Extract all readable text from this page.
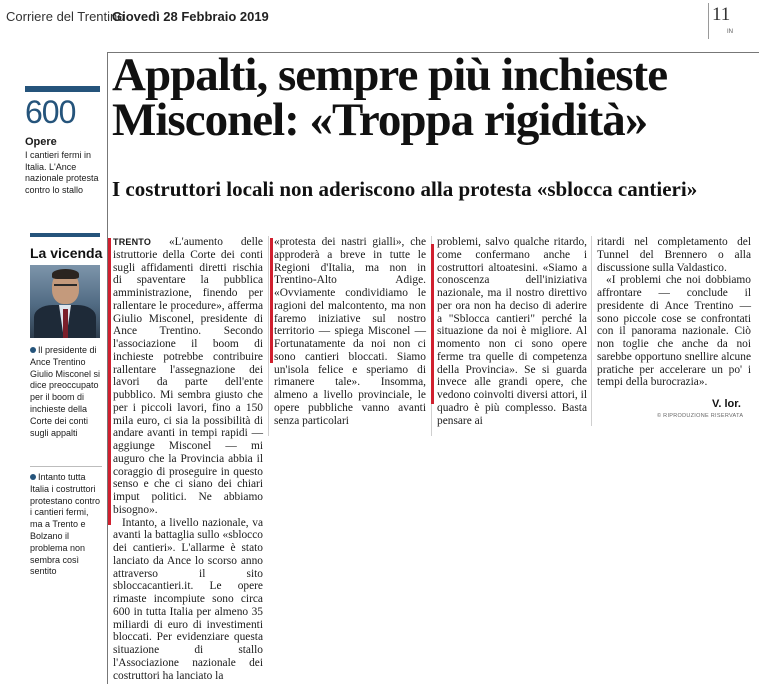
Corriere del Trentino
Giovedì 28 Febbraio 2019	11
IN
600
Opere
I cantieri fermi in Italia. L'Ance nazionale protesta contro lo stallo
La vicenda
Il presidente di Ance Trentino Giulio Misconel si dice preoccupato per il boom di inchieste della Corte dei conti sugli appalti
Intanto tutta Italia i costruttori protestano contro i cantieri fermi, ma a Trento e Bolzano il problema non sembra così sentito
Appalti, sempre più inchieste
Misconel: «Troppa rigidità»
I costruttori locali non aderiscono alla protesta «sblocca cantieri»

TRENTO «L'aumento delle istruttorie della Corte dei conti sugli affidamenti diretti rischia di spaventare la pubblica amministrazione, finendo per rallentare le procedure», afferma Giulio Misconel, presidente di Ance Trentino. Secondo l'associazione il boom di inchieste potrebbe contribuire rallentare l'assegnazione dei lavori da parte dell'ente pubblico. Mi sembra giusto che per i piccoli lavori, fino a 150 mila euro, ci sia la possibilità di andare avanti in tempi rapidi — aggiunge Misconel — mi auguro che la Provincia abbia il coraggio di proseguire in questo senso e che ci siano dei chiari imput politici. Ne abbiamo bisogno».

Intanto, a livello nazionale, va avanti la battaglia sullo «sblocco dei cantieri». L'allarme è stato lanciato da Ance lo scorso anno attraverso il sito sbloccacantieri.it. Le opere rimaste incompiute sono circa 600 in tutta Italia per almeno 35 miliardi di euro di investimenti bloccati. Per evidenziare questa situazione di stallo l'Associazione nazionale dei costruttori ha lanciato la

«protesta dei nastri gialli», che approderà a breve in tutte le Regioni d'Italia, ma non in Trentino-Alto Adige. «Ovviamente condividiamo le ragioni del malcontento, ma non faremo iniziative sul nostro territorio — spiega Misconel — Fortunatamente da noi non ci sono cantieri bloccati. Siamo un'isola felice e speriamo di rimanere tale». Insomma, almeno a livello provinciale, le opere pubbliche vanno avanti senza particolari

problemi, salvo qualche ritardo, come confermano anche i costruttori altoatesini. «Siamo a conoscenza dell'iniziativa nazionale, ma il nostro direttivo per ora non ha deciso di aderire a "Sblocca cantieri" perché la situazione da noi è migliore. Al momento non ci sono opere ferme tra quelle di competenza della Provincia». Se si guarda invece alle grandi opere, che vedono coinvolti diversi attori, il quadro è più complesso. Basta pensare ai

ritardi nel completamento del Tunnel del Brennero o alla discussione sulla Valdastico.

«I problemi che noi dobbiamo affrontare — conclude il presidente di Ance Trentino — sono piccole cose se confrontati con il panorama nazionale. Ciò non toglie che anche da noi sarebbe opportuno snellire alcune pratiche per accelerare un po' i tempi della burocrazia».

V. lor.
© RIPRODUZIONE RISERVATA
